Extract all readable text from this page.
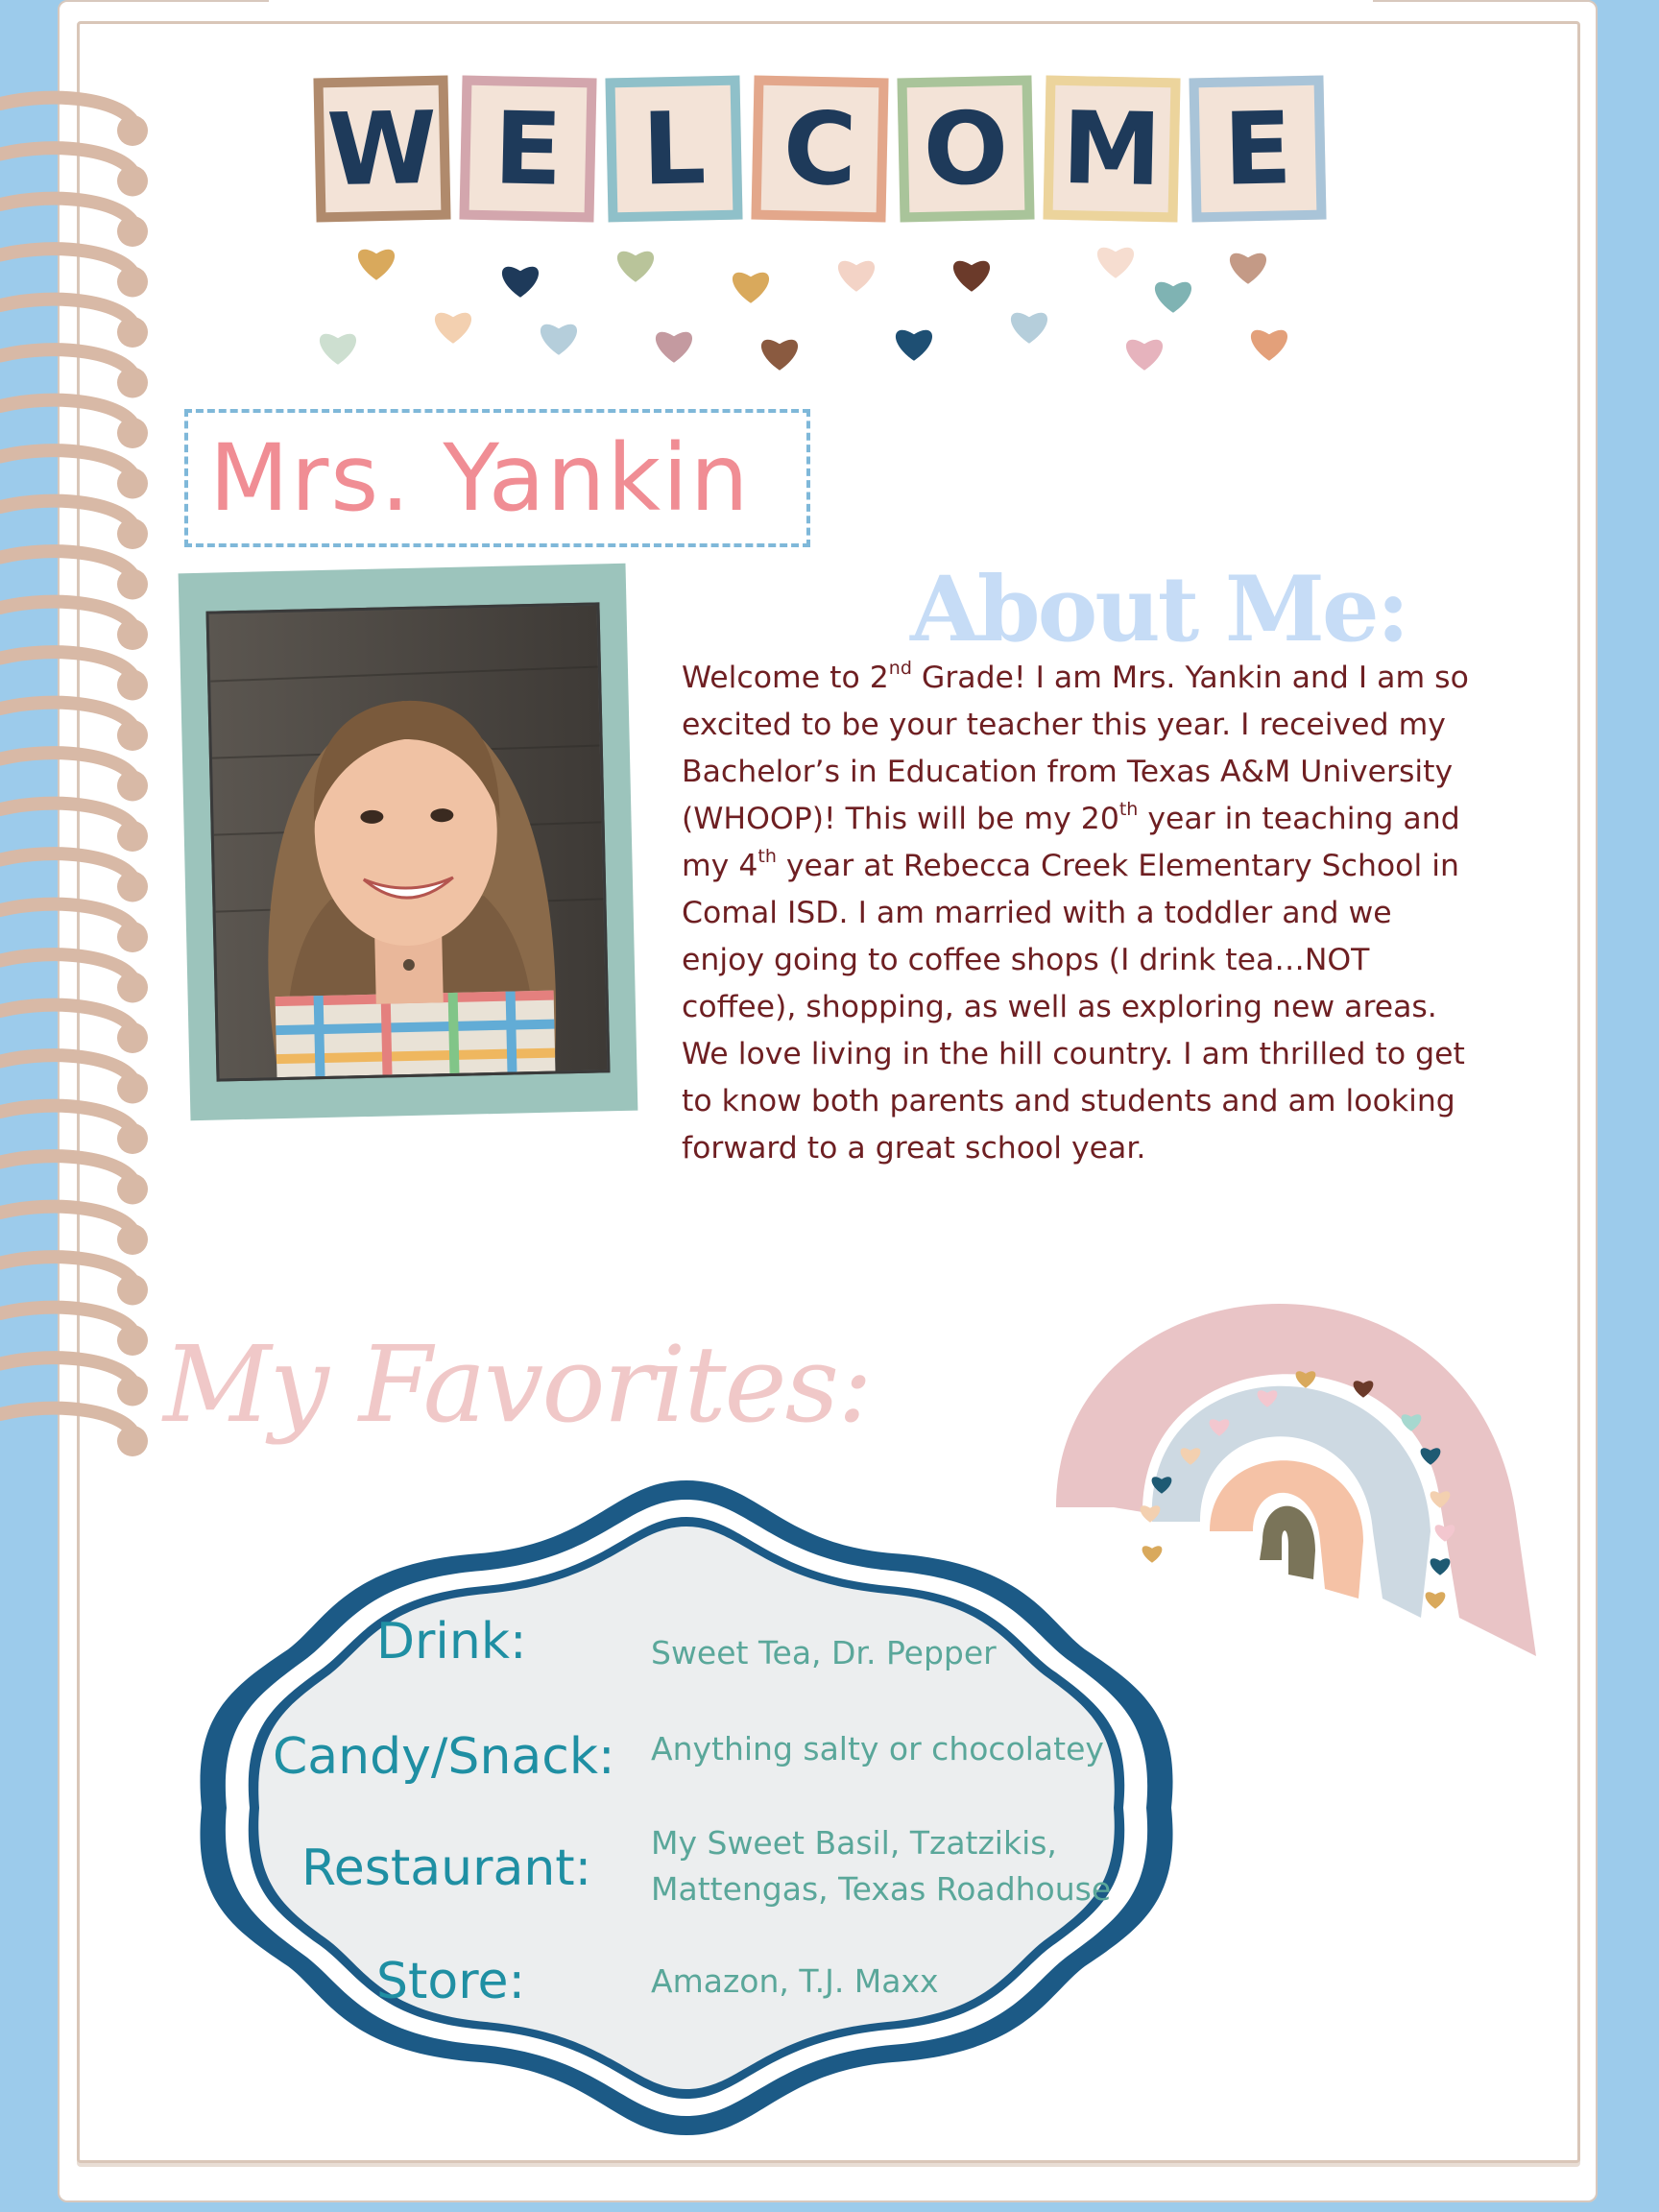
W E L C O M E
Mrs. Yankin
About Me:
Welcome to 2nd Grade! I am Mrs. Yankin and I am so
excited to be your teacher this year. I received my
Bachelor’s in Education from Texas A&M University
(WHOOP)! This will be my 20th year in teaching and
my 4th year at Rebecca Creek Elementary School in
Comal ISD. I am married with a toddler and we
enjoy going to coffee shops (I drink tea…NOT
coffee), shopping, as well as exploring new areas.
We love living in the hill country. I am thrilled to get
to know both parents and students and am looking
forward to a great school year.
My Favorites:
Drink:	Sweet Tea, Dr. Pepper
Candy/Snack: Anything salty or chocolatey
Restaurant: My Sweet Basil, Tzatzikis,
Mattengas, Texas Roadhouse
Store:	Amazon, T.J. Maxx
